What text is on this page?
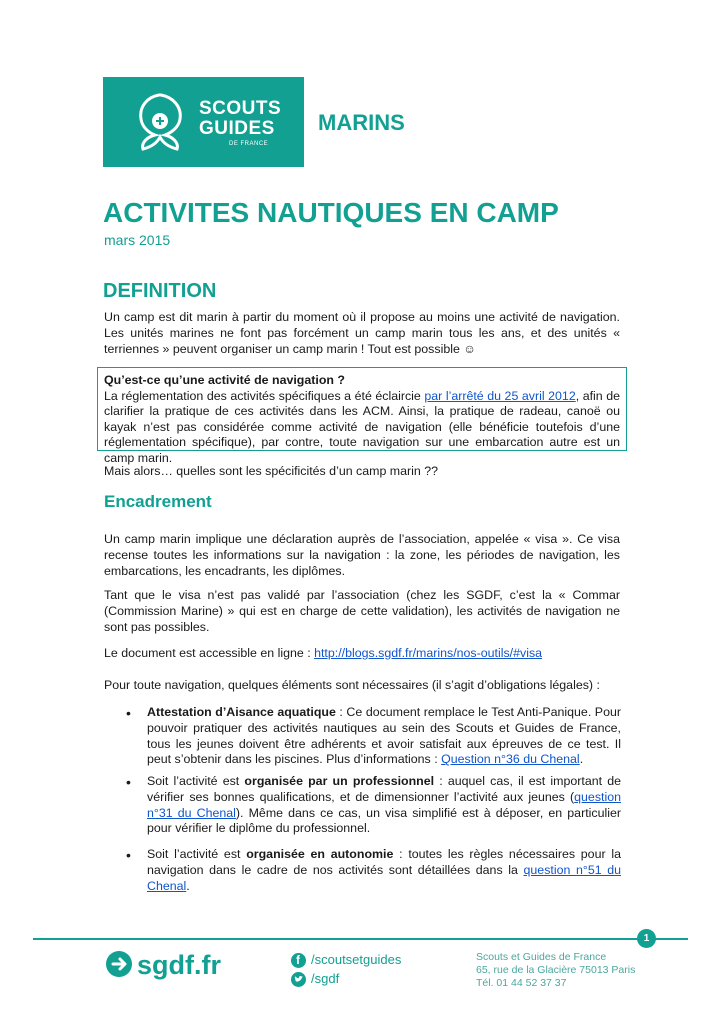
SCOUTS
GUIDES
DE FRANCE
MARINS
ACTIVITES NAUTIQUES EN CAMP
mars 2015
DEFINITION

Un camp est dit marin à partir du moment où il propose au moins une activité de navigation. Les unités marines ne font pas forcément un camp marin tous les ans, et des unités « terriennes » peuvent organiser un camp marin ! Tout est possible ☺

Qu’est-ce qu’une activité de navigation ?
La réglementation des activités spécifiques a été éclaircie par l’arrêté du 25 avril 2012, afin de clarifier la pratique de ces activités dans les ACM. Ainsi, la pratique de radeau, canoë ou kayak n’est pas considérée comme activité de navigation (elle bénéficie toutefois d’une réglementation spécifique), par contre, toute navigation sur une embarcation autre est un camp marin.

Mais alors… quelles sont les spécificités d’un camp marin ??

Encadrement

Un camp marin implique une déclaration auprès de l’association, appelée « visa ». Ce visa recense toutes les informations sur la navigation : la zone, les périodes de navigation, les embarcations, les encadrants, les diplômes.

Tant que le visa n’est pas validé par l’association (chez les SGDF, c’est la « Commar (Commission Marine) » qui est en charge de cette validation), les activités de navigation ne sont pas possibles.

Le document est accessible en ligne : http://blogs.sgdf.fr/marins/nos-outils/#visa

Pour toute navigation, quelques éléments sont nécessaires (il s’agit d’obligations légales) :

•	Attestation d’Aisance aquatique : Ce document remplace le Test Anti-Panique. Pour pouvoir pratiquer des activités nautiques au sein des Scouts et Guides de France, tous les jeunes doivent être adhérents et avoir satisfait aux épreuves de ce test. Il peut s’obtenir dans les piscines. Plus d’informations : Question n°36 du Chenal.

•	Soit l’activité est organisée par un professionnel : auquel cas, il est important de vérifier ses bonnes qualifications, et de dimensionner l’activité aux jeunes (question n°31 du Chenal). Même dans ce cas, un visa simplifié est à déposer, en particulier pour vérifier le diplôme du professionnel.

•	Soit l’activité est organisée en autonomie : toutes les règles nécessaires pour la navigation dans le cadre de nos activités sont détaillées dans la question n°51 du Chenal.

1
sgdf.fr	f /scoutsetguides
/sgdf
Scouts et Guides de France
65, rue de la Glacière 75013 Paris
Tél. 01 44 52 37 37
